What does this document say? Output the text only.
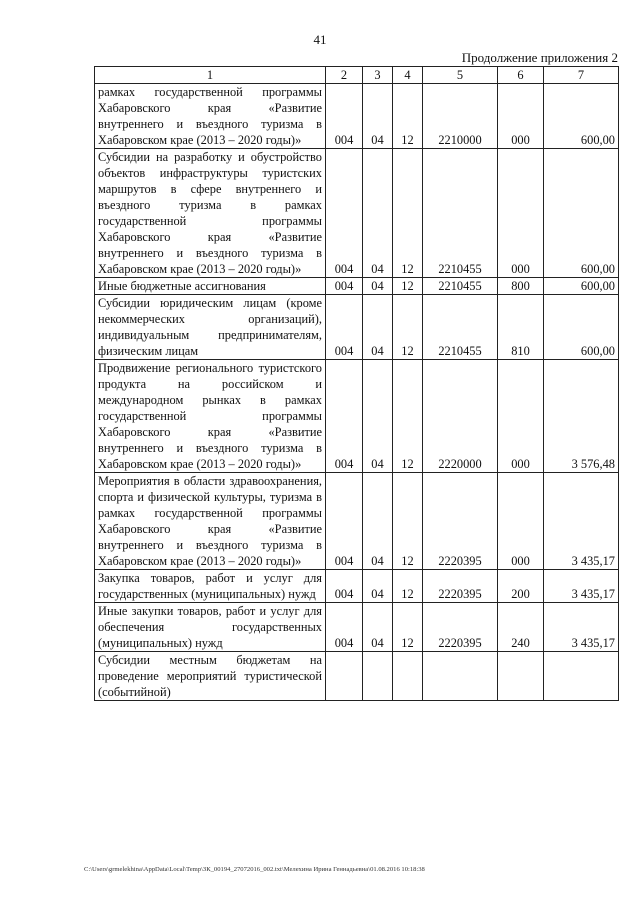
41
Продолжение приложения 2
1	2	3	4	5	6	7
рамках государственной программы Хабаровского края «Развитие внутреннего и въездного туризма в Хабаровском крае (2013 – 2020 годы)»	004	04	12	2210000	000	600,00
Субсидии на разработку и обустройство объектов инфраструктуры туристских маршрутов в сфере внутреннего и въездного туризма в рамках государственной программы Хабаровского края «Развитие внутреннего и въездного туризма в Хабаровском крае (2013 – 2020 годы)»	004	04	12	2210455	000	600,00
Иные бюджетные ассигнования	004	04	12	2210455	800	600,00
Субсидии юридическим лицам (кроме некоммерческих организаций), индивидуальным предпринимателям, физическим лицам	004	04	12	2210455	810	600,00
Продвижение регионального туристского продукта на российском и международном рынках в рамках государственной программы Хабаровского края «Развитие внутреннего и въездного туризма в Хабаровском крае (2013 – 2020 годы)»	004	04	12	2220000	000	3 576,48
Мероприятия в области здравоохранения, спорта и физической культуры, туризма в рамках государственной программы Хабаровского края «Развитие внутреннего и въездного туризма в Хабаровском крае (2013 – 2020 годы)»	004	04	12	2220395	000	3 435,17
Закупка товаров, работ и услуг для государственных (муниципальных) нужд	004	04	12	2220395	200	3 435,17
Иные закупки товаров, работ и услуг для обеспечения государственных (муниципальных) нужд	004	04	12	2220395	240	3 435,17
Субсидии местным бюджетам на проведение мероприятий туристической (событийной)						
C:\Users\grmelekhina\AppData\Local\Temp\ЗК_00194_27072016_002.txt\Мелехина Ирина Геннадьевна\01.08.2016 10:18:38
